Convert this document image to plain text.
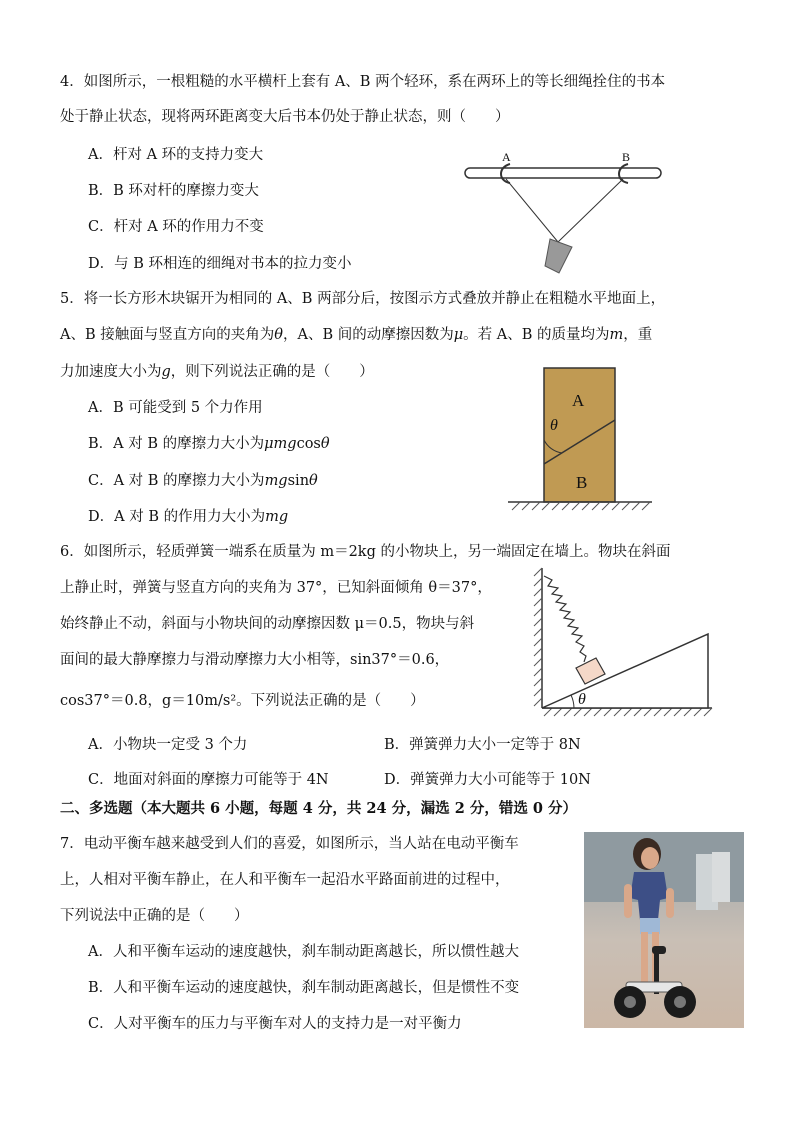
4．如图所示，一根粗糙的水平横杆上套有 A、B 两个轻环，系在两环上的等长细绳拴住的书本
处于静止状态，现将两环距离变大后书本仍处于静止状态，则（　　）
A．杆对 A 环的支持力变大
B．B 环对杆的摩擦力变大
C．杆对 A 环的作用力不变
D．与 B 环相连的细绳对书本的拉力变小
A	B
5．将一长方形木块锯开为相同的 A、B 两部分后，按图示方式叠放并静止在粗糙水平地面上，
A、B 接触面与竖直方向的夹角为θ，A、B 间的动摩擦因数为μ。若 A、B 的质量均为m，重
力加速度大小为g，则下列说法正确的是（　　）
A．B 可能受到 5 个力作用
B．A 对 B 的摩擦力大小为μmgcosθ
C．A 对 B 的摩擦力大小为mgsinθ
D．A 对 B 的作用力大小为mg
A
B
θ
6．如图所示，轻质弹簧一端系在质量为 m＝2kg 的小物块上，另一端固定在墙上。物块在斜面
上静止时，弹簧与竖直方向的夹角为 37°，已知斜面倾角 θ＝37°，
始终静止不动，斜面与小物块间的动摩擦因数 μ＝0.5，物块与斜
面间的最大静摩擦力与滑动摩擦力大小相等，sin37°＝0.6，
cos37°＝0.8，g＝10m/s²。下列说法正确的是（　　）
A．小物块一定受 3 个力	B．弹簧弹力大小一定等于 8N
C．地面对斜面的摩擦力可能等于 4N	D．弹簧弹力大小可能等于 10N
θ
二、多选题（本大题共 6 小题，每题 4 分，共 24 分，漏选 2 分，错选 0 分）
7．电动平衡车越来越受到人们的喜爱，如图所示，当人站在电动平衡车
上，人相对平衡车静止，在人和平衡车一起沿水平路面前进的过程中，
下列说法中正确的是（　　）
A．人和平衡车运动的速度越快，刹车制动距离越长，所以惯性越大
B．人和平衡车运动的速度越快，刹车制动距离越长，但是惯性不变
C．人对平衡车的压力与平衡车对人的支持力是一对平衡力
